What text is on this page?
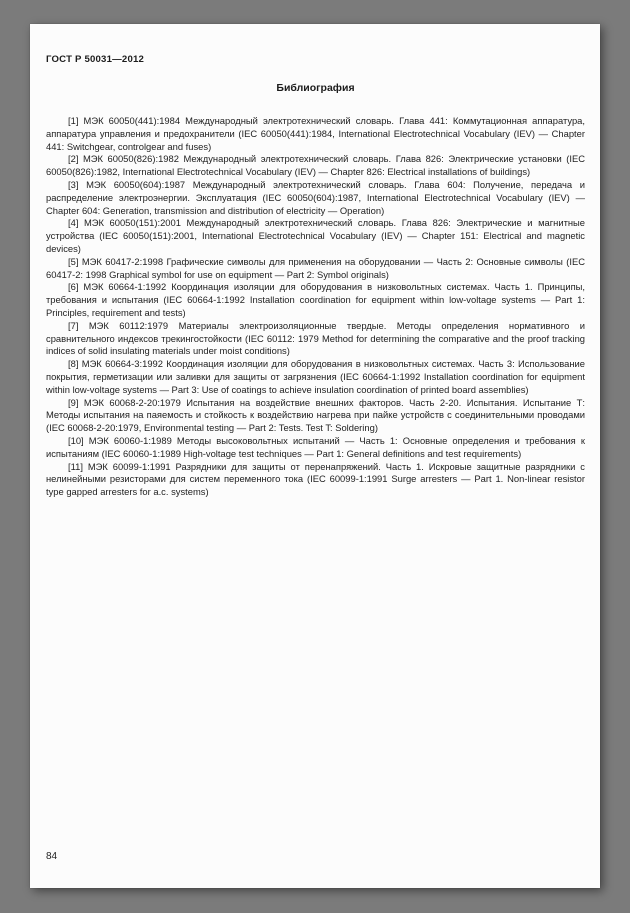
ГОСТ Р 50031—2012

Библиография

[1] МЭК 60050(441):1984 Международный электротехнический словарь. Глава 441: Коммутационная аппаратура, аппаратура управления и предохранители (IEC 60050(441):1984, International Electrotechnical Vocabulary (IEV) — Chapter 441: Switchgear, controlgear and fuses)

[2] МЭК 60050(826):1982 Международный электротехнический словарь. Глава 826: Электрические установки (IEC 60050(826):1982, International Electrotechnical Vocabulary (IEV) — Chapter 826: Electrical installations of buildings)

[3] МЭК 60050(604):1987 Международный электротехнический словарь. Глава 604: Получение, передача и распределение электроэнергии. Эксплуатация (IEC 60050(604):1987, International Electrotechnical Vocabulary (IEV) — Chapter 604: Generation, transmission and distribution of electricity — Operation)

[4] МЭК 60050(151):2001 Международный электротехнический словарь. Глава 826: Электрические и магнитные устройства (IEC 60050(151):2001, International Electrotechnical Vocabulary (IEV) — Chapter 151: Electrical and magnetic devices)

[5] МЭК 60417-2:1998 Графические символы для применения на оборудовании — Часть 2: Основные символы (IEC 60417-2: 1998 Graphical symbol for use on equipment — Part 2: Symbol originals)

[6] МЭК 60664-1:1992 Координация изоляции для оборудования в низковольтных системах. Часть 1. Принципы, требования и испытания (IEC 60664-1:1992 Installation coordination for equipment within low-voltage systems — Part 1: Principles, requirement and tests)

[7] МЭК 60112:1979 Материалы электроизоляционные твердые. Методы определения нормативного и сравнительного индексов трекингостойкости (IEC 60112: 1979 Method for determining the comparative and the proof tracking indices of solid insulating materials under moist conditions)

[8] МЭК 60664-3:1992 Координация изоляции для оборудования в низковольтных системах. Часть 3: Использование покрытия, герметизации или заливки для защиты от загрязнения (IEC 60664-1:1992 Installation coordination for equipment within low-voltage systems — Part 3: Use of coatings to achieve insulation coordination of printed board assemblies)

[9] МЭК 60068-2-20:1979 Испытания на воздействие внешних факторов. Часть 2-20. Испытания. Испытание Т: Методы испытания на паяемость и стойкость к воздействию нагрева при пайке устройств с соединительными проводами (IEC 60068-2-20:1979, Environmental testing — Part 2: Tests. Test T: Soldering)

[10] МЭК 60060-1:1989 Методы высоковольтных испытаний — Часть 1: Основные определения и требования к испытаниям (IEC 60060-1:1989 High-voltage test techniques — Part 1: General definitions and test requirements)

[11] МЭК 60099-1:1991 Разрядники для защиты от перенапряжений. Часть 1. Искровые защитные разрядники с нелинейными резисторами для систем переменного тока (IEC 60099-1:1991 Surge arresters — Part 1. Non-linear resistor type gapped arresters for a.c. systems)

84
